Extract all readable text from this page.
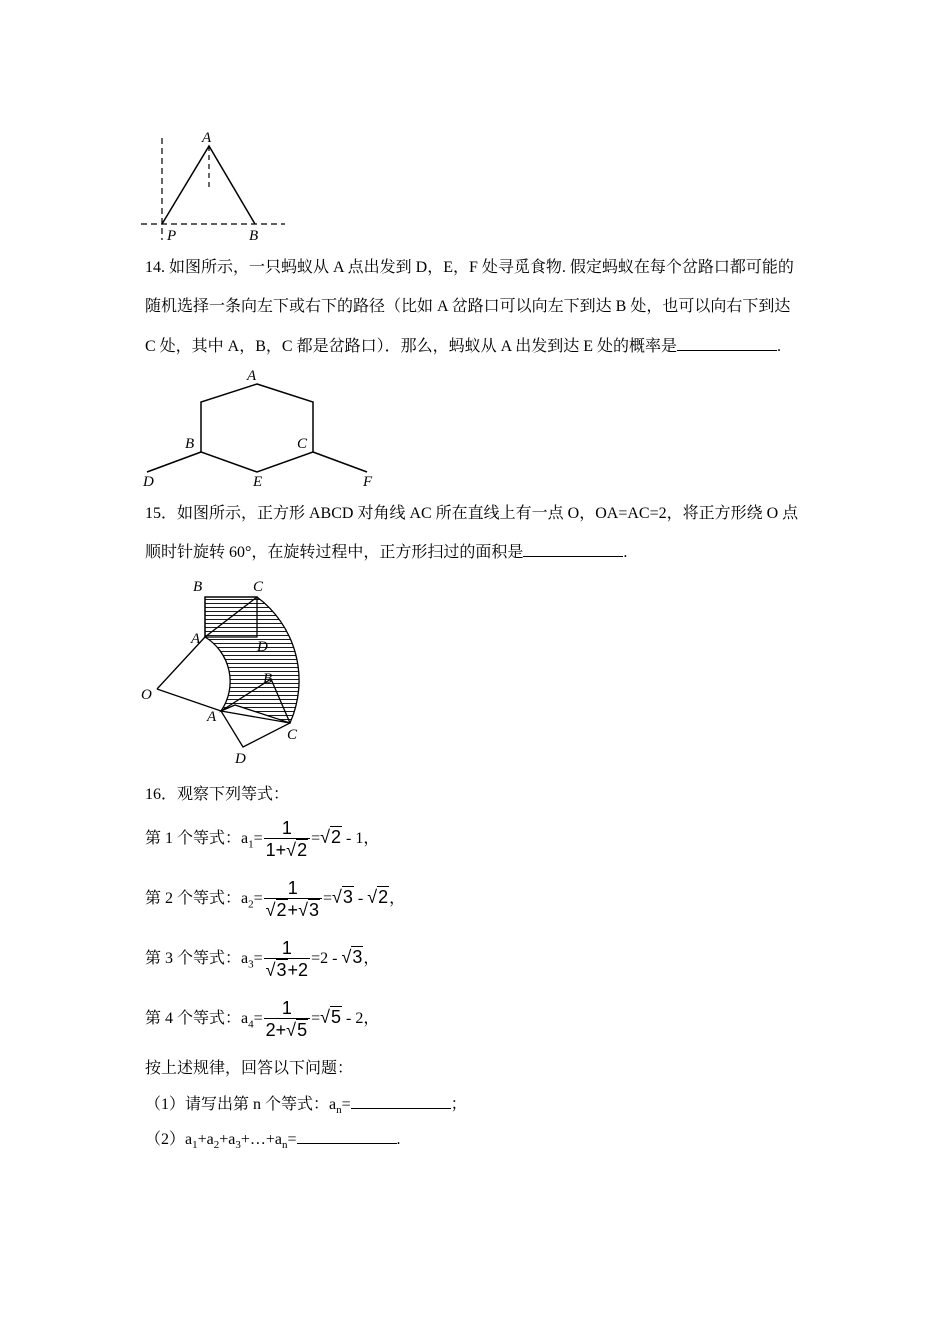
A
P	B
14. 如图所示，一只蚂蚁从 A 点出发到 D，E，F 处寻觅食物. 假定蚂蚁在每个岔路口都可能的
随机选择一条向左下或右下的路径（比如 A 岔路口可以向左下到达 B 处，也可以向右下到达
C 处，其中 A，B，C 都是岔路口）．那么，蚂蚁从 A 出发到达 E 处的概率是	.
A
B	C
D	E	F
15．如图所示，正方形 ABCD 对角线 AC 所在直线上有一点 O，OA=AC=2，将正方形绕 O 点
顺时针旋转 60°，在旋转过程中，正方形扫过的面积是	.
B	C
A	D
O
B
A
C
D
16．观察下列等式：
第 1 个等式：$a_1= \frac{1}{1+√2} =√2 - 1$，
第 2 个等式：$a_2= \frac{1}{√2+√3} =√3 - √2$，
第 3 个等式：$a_3= \frac{1}{√3+2} =2 - √3$，
第 4 个等式：$a_4= \frac{1}{2+√5} =√5 - 2$，
按上述规律，回答以下问题：
（1）请写出第 n 个等式：$a_n=$	；
$(2)a_1+a_2+a_3+\dots+a_n=$	.
